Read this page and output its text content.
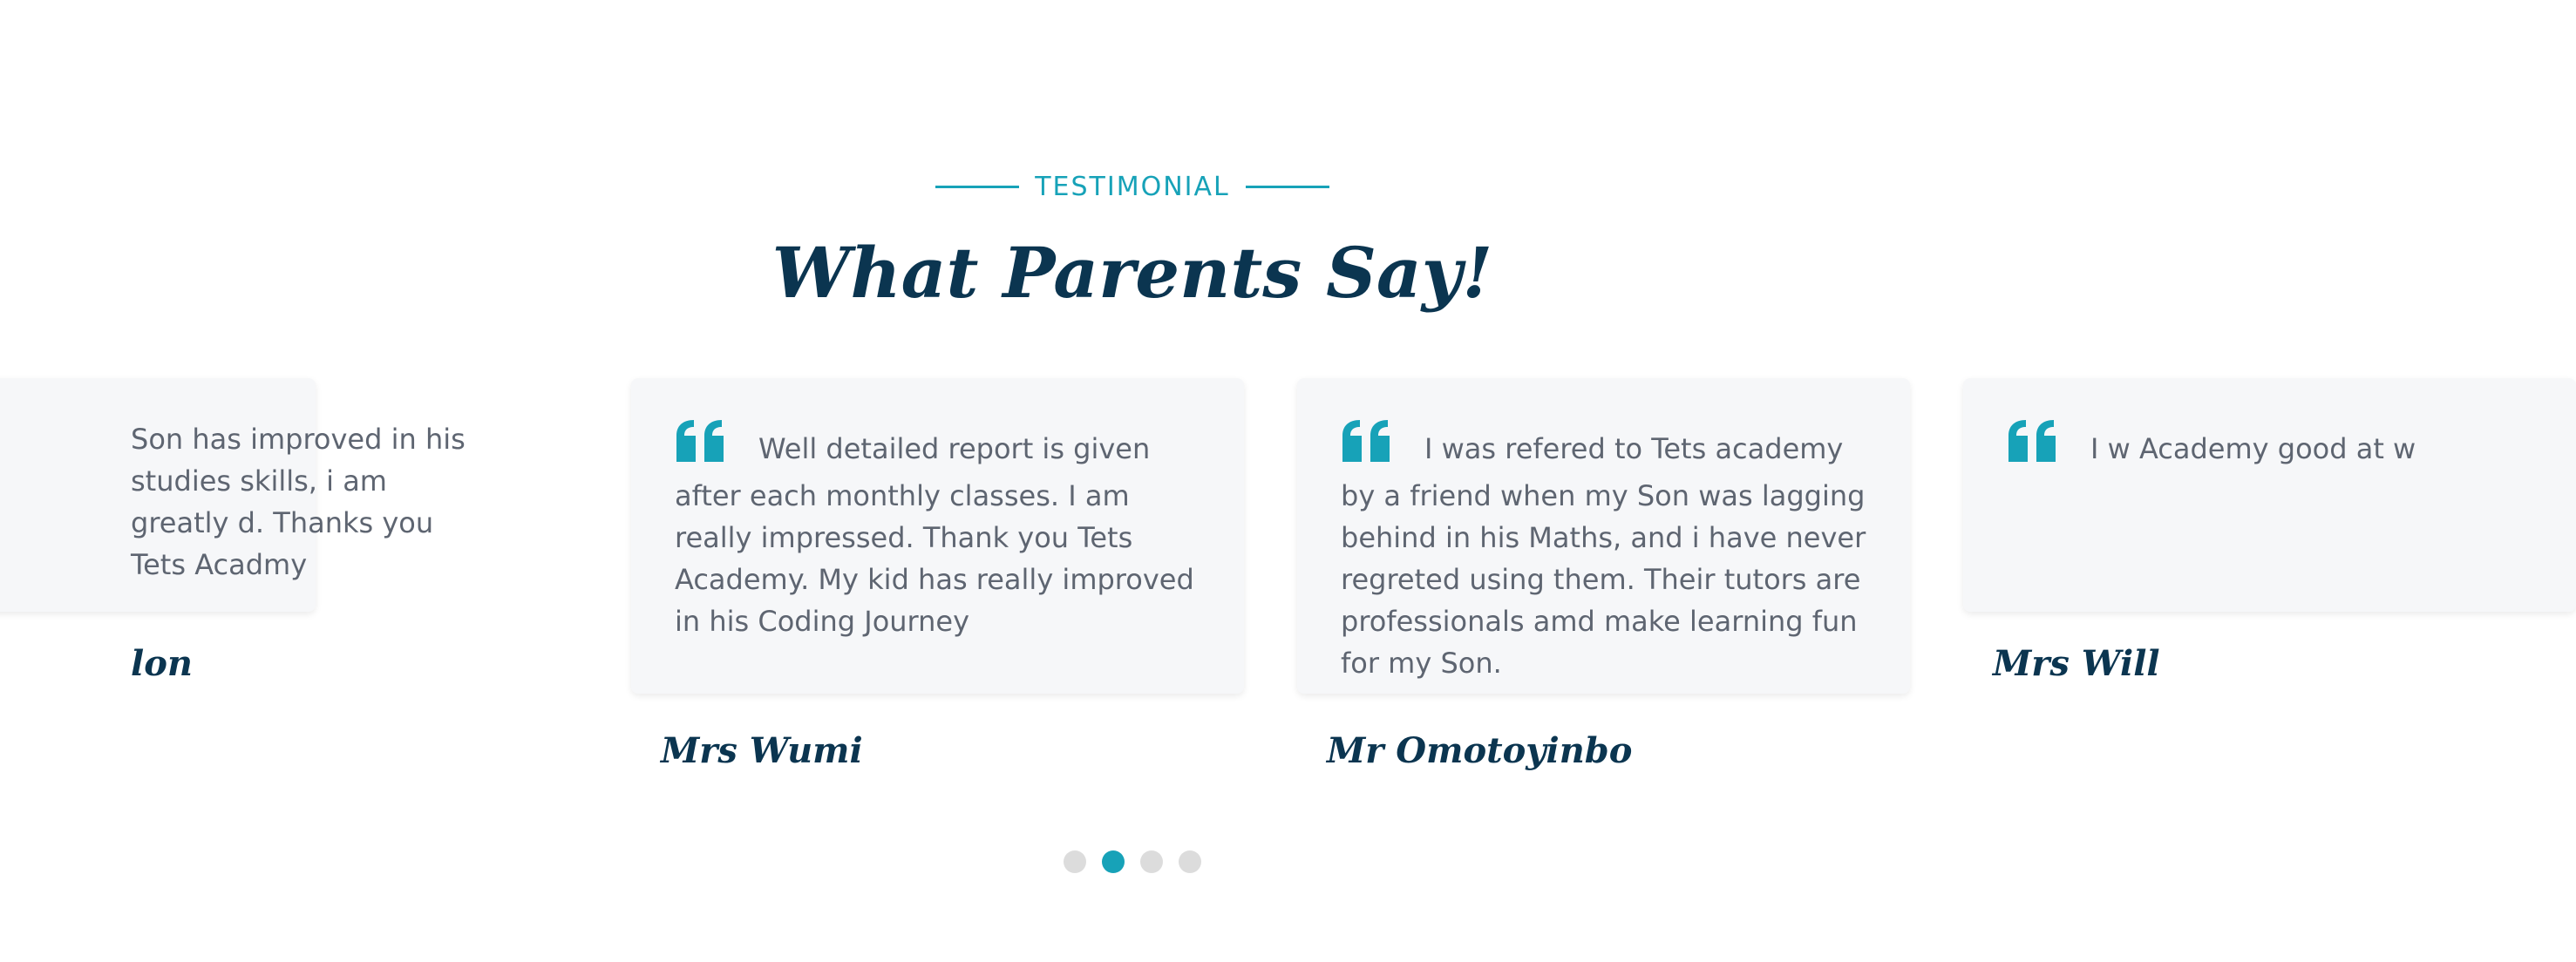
TESTIMONIAL
What Parents Say!
Son has improved in his studies skills, i am greatly d. Thanks you Tets Acadmy
lon
Well detailed report is given after each monthly classes. I am really impressed. Thank you Tets Academy. My kid has really improved in his Coding Journey
Mrs Wumi
I was refered to Tets academy by a friend when my Son was lagging behind in his Maths, and i have never regreted using them. Their tutors are professionals amd make learning fun for my Son.
Mr Omotoyinbo
I w Academy good at w
Mrs Will
